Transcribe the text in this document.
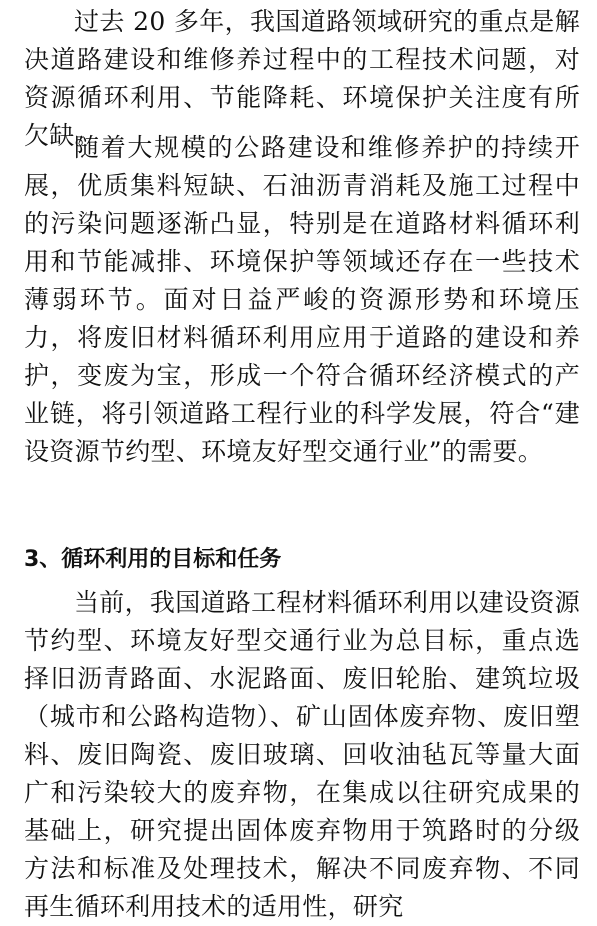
过去 20 多年，我国道路领域研究的重点是解决道路建设和维修养过程中的工程技术问题，对资源循环利用、节能降耗、环境保护关注度有所欠缺。

随着大规模的公路建设和维修养护的持续开展，优质集料短缺、石油沥青消耗及施工过程中的污染问题逐渐凸显，特别是在道路材料循环利用和节能减排、环境保护等领域还存在一些技术薄弱环节。面对日益严峻的资源形势和环境压力，将废旧材料循环利用应用于道路的建设和养护，变废为宝，形成一个符合循环经济模式的产业链，将引领道路工程行业的科学发展，符合“建设资源节约型、环境友好型交通行业”的需要。

3、循环利用的目标和任务

当前，我国道路工程材料循环利用以建设资源节约型、环境友好型交通行业为总目标，重点选择旧沥青路面、水泥路面、废旧轮胎、建筑垃圾（城市和公路构造物）、矿山固体废弃物、废旧塑料、废旧陶瓷、废旧玻璃、回收油毡瓦等量大面广和污染较大的废弃物，在集成以往研究成果的基础上，研究提出固体废弃物用于筑路时的分级方法和标准及处理技术，解决不同废弃物、不同再生循环利用技术的适用性，研究
